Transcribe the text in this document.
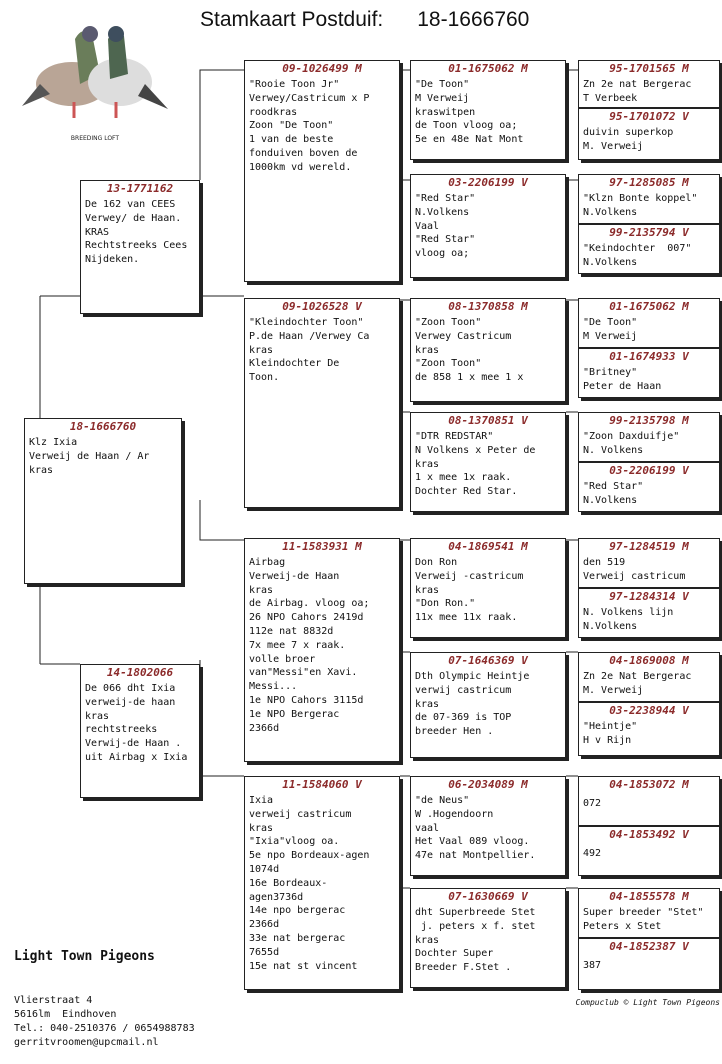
Stamkaart Postduif: 18-1666760
LIGHT TOWN
PIGEONS
BREEDING LOFT
18-1666760
Klz Ixia
Verweij de Haan / Ar
kras
13-1771162
De 162 van CEES
Verwey/ de Haan.
KRAS
Rechtstreeks Cees
Nijdeken.
14-1802066
De 066 dht Ixia
verweij-de haan
kras
rechtstreeks
Verwij-de Haan .
uit Airbag x Ixia
09-1026499 M
"Rooie Toon Jr"
Verwey/Castricum x P
roodkras
Zoon "De Toon"
1 van de beste
fonduiven boven de
1000km vd wereld.
09-1026528 V
"Kleindochter Toon"
P.de Haan /Verwey Ca
kras
Kleindochter De
Toon.
11-1583931 M
Airbag
Verweij-de Haan
kras
de Airbag. vloog oa;
26 NPO Cahors 2419d
112e nat 8832d
7x mee 7 x raak.
volle broer
van"Messi"en Xavi.
Messi...
1e NPO Cahors 3115d
1e NPO Bergerac
2366d
11-1584060 V
Ixia
verweij castricum
kras
"Ixia"vloog oa.
5e npo Bordeaux-agen
1074d
16e Bordeaux-
agen3736d
14e npo bergerac
2366d
33e nat bergerac
7655d
15e nat st vincent
01-1675062 M
"De Toon"
M Verweij
kraswitpen
de Toon vloog oa;
5e en 48e Nat Mont
03-2206199 V
"Red Star"
N.Volkens
Vaal
"Red Star"
vloog oa;
08-1370858 M
"Zoon Toon"
Verwey Castricum
kras
"Zoon Toon"
de 858 1 x mee 1 x
08-1370851 V
"DTR REDSTAR"
N Volkens x Peter de
kras
1 x mee 1x raak.
Dochter Red Star.
04-1869541 M
Don Ron
Verweij -castricum
kras
"Don Ron."
11x mee 11x raak.
07-1646369 V
Dth Olympic Heintje
verwij castricum
kras
de 07-369 is TOP
breeder Hen .
06-2034089 M
"de Neus"
W .Hogendoorn
vaal
Het Vaal 089 vloog.
47e nat Montpellier.
07-1630669 V
dht Superbreede Stet
j. peters x f. stet
kras
Dochter Super
Breeder F.Stet .
95-1701565 M
Zn 2e nat Bergerac
T Verbeek
95-1701072 V
duivin superkop
M. Verweij
97-1285085 M
"Klzn Bonte koppel"
N.Volkens
99-2135794 V
"Keindochter  007"
N.Volkens
01-1675062 M
"De Toon"
M Verweij
01-1674933 V
"Britney"
Peter de Haan
99-2135798 M
"Zoon Daxduifje"
N. Volkens
03-2206199 V
"Red Star"
N.Volkens
97-1284519 M
den 519
Verweij castricum
97-1284314 V
N. Volkens lijn
N.Volkens
04-1869008 M
Zn 2e Nat Bergerac
M. Verweij
03-2238944 V
"Heintje"
H v Rijn
04-1853072 M
072
04-1853492 V
492
04-1855578 M
Super breeder "Stet"
Peters x Stet
04-1852387 V
387

Light Town Pigeons

Vlierstraat 4
5616lm  Eindhoven
Tel.: 040-2510376 / 0654988783
gerritvroomen@upcmail.nl

Compuclub © Light Town Pigeons
